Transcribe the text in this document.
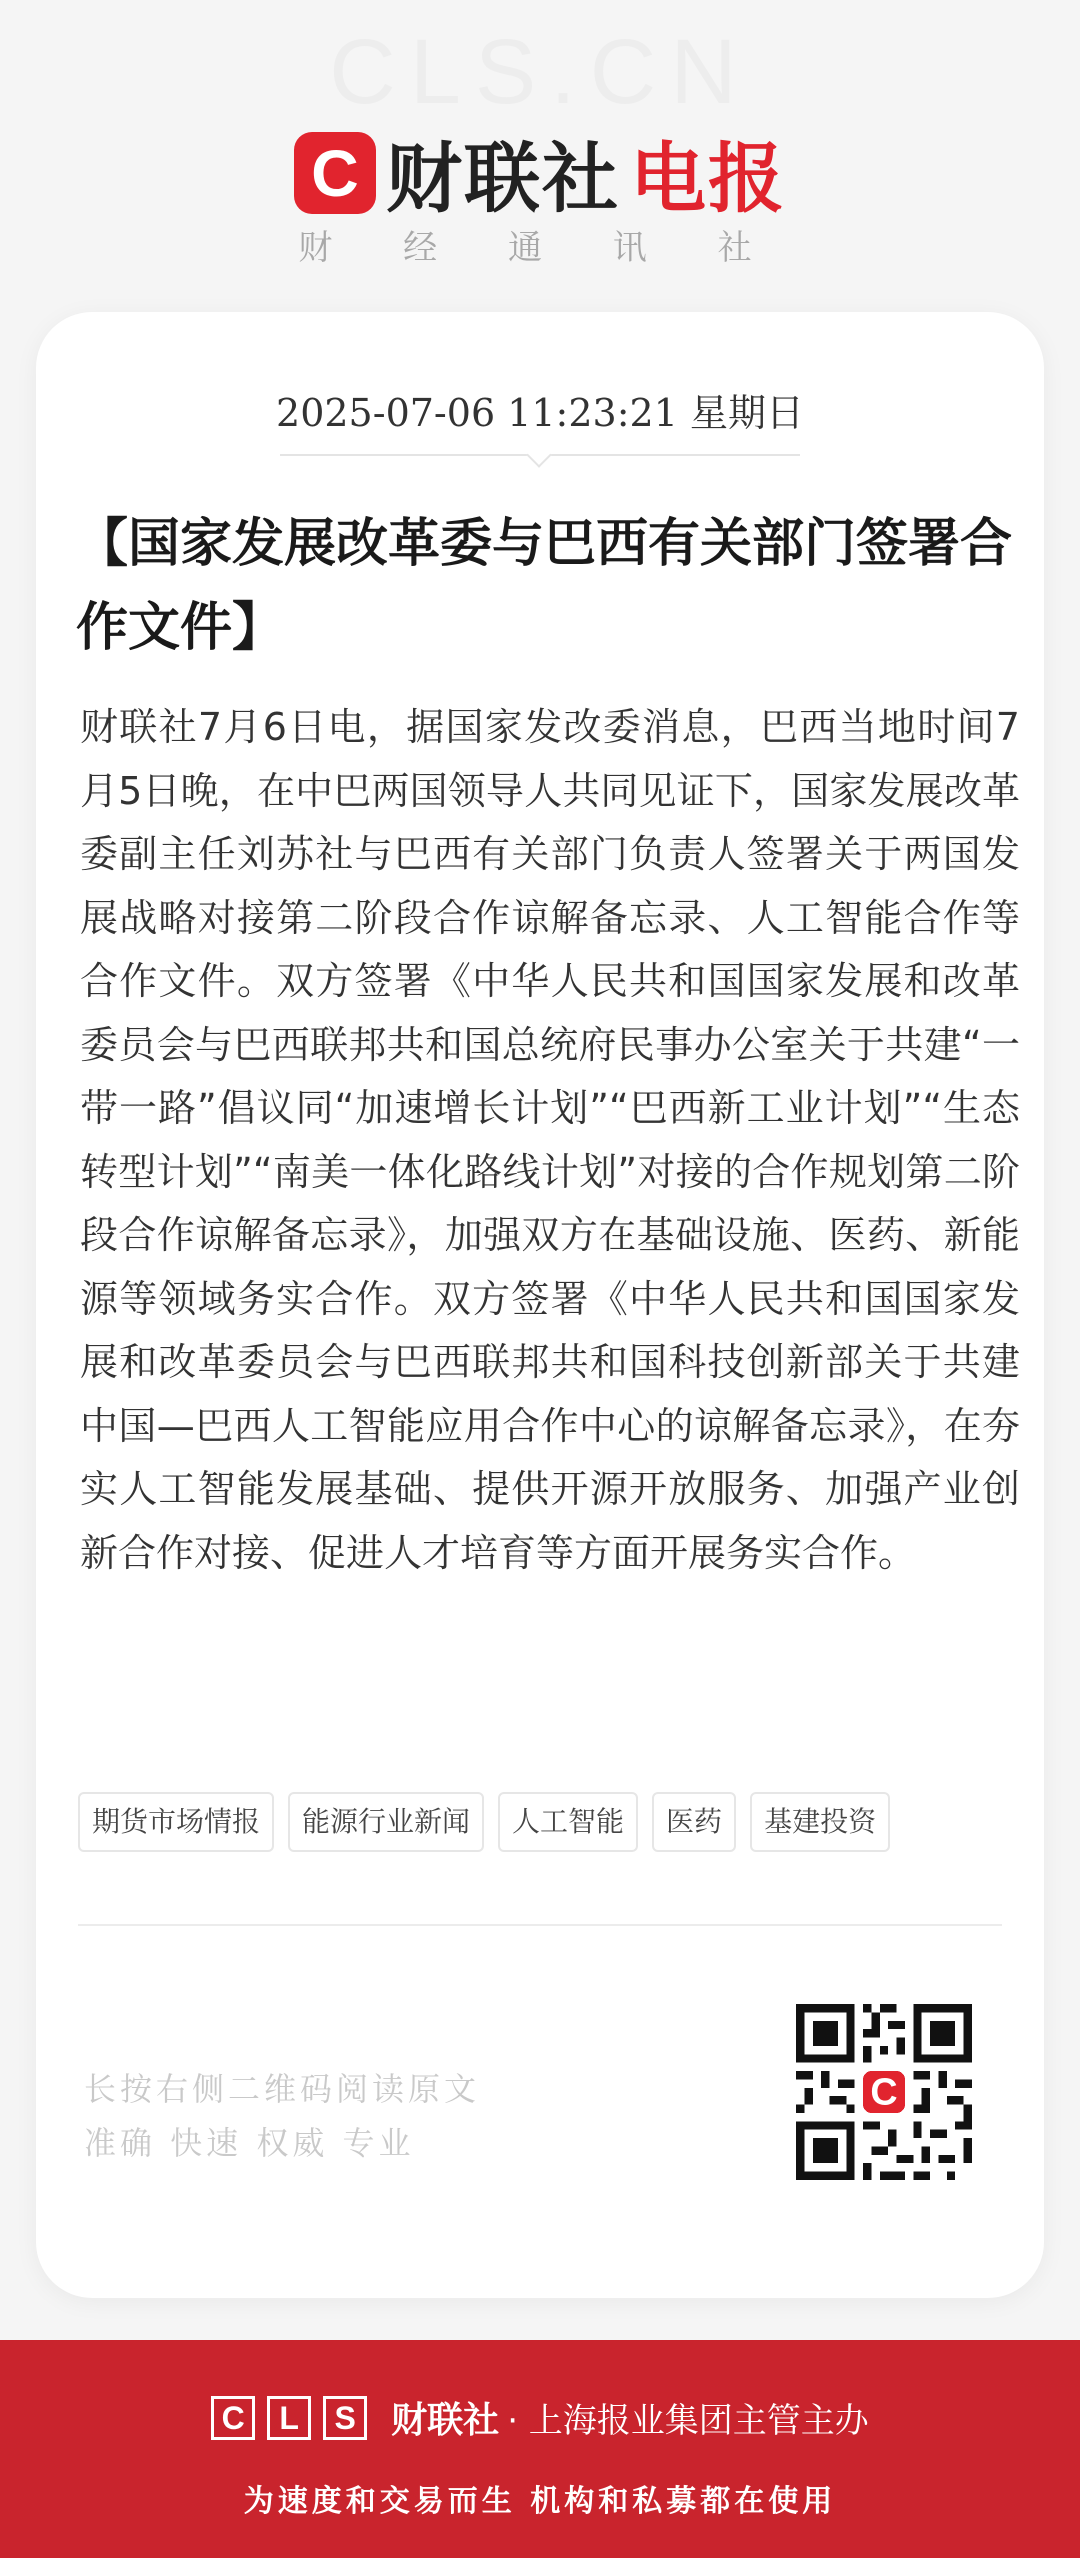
CLS.CN
C 财联社 电报
财 经 通 讯 社
2025-07-06 11:23:21 星期日
【国家发展改革委与巴西有关部门签署合作文件】
财联社7月6日电，据国家发改委消息，巴西当地时间7月5日晚，在中巴两国领导人共同见证下，国家发展改革委副主任刘苏社与巴西有关部门负责人签署关于两国发展战略对接第二阶段合作谅解备忘录、人工智能合作等合作文件。双方签署《中华人民共和国国家发展和改革委员会与巴西联邦共和国总统府民事办公室关于共建“一带一路”倡议同“加速增长计划”“巴西新工业计划”“生态转型计划”“南美一体化路线计划”对接的合作规划第二阶段合作谅解备忘录》，加强双方在基础设施、医药、新能源等领域务实合作。双方签署《中华人民共和国国家发展和改革委员会与巴西联邦共和国科技创新部关于共建中国—巴西人工智能应用合作中心的谅解备忘录》，在夯实人工智能发展基础、提供开源开放服务、加强产业创新合作对接、促进人才培育等方面开展务实合作。
期货市场情报	能源行业新闻	人工智能	医药	基建投资
长按右侧二维码阅读原文
准确 快速 权威 专业
C
C	L	S 财联社 · 上海报业集团主管主办
为速度和交易而生 机构和私募都在使用
